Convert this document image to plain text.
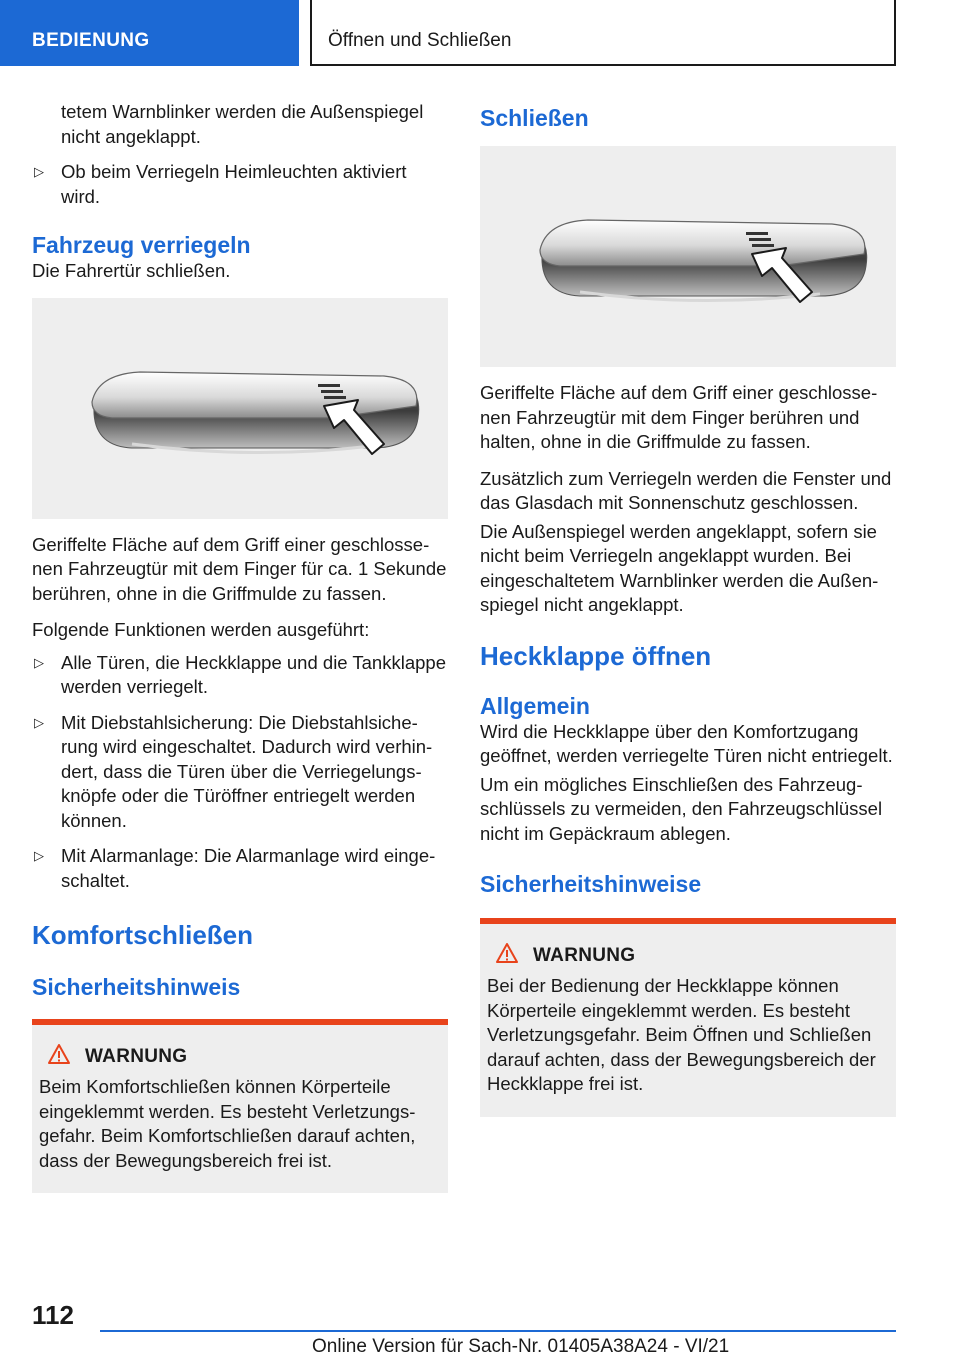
BEDIENUNG	Öffnen und Schließen
tetem Warnblinker werden die Außenspiegel nicht angeklappt.
▷ Ob beim Verriegeln Heimleuchten aktiviert wird.
Fahrzeug verriegeln

Die Fahrertür schließen.

Geriffelte Fläche auf dem Griff einer geschlossenen Fahrzeugtür mit dem Finger für ca. 1 Sekunde berühren, ohne in die Griffmulde zu fassen.

Folgende Funktionen werden ausgeführt:

▷ Alle Türen, die Heckklappe und die Tankklappe werden verriegelt.
▷ Mit Diebstahlsicherung: Die Diebstahlsicherung wird eingeschaltet. Dadurch wird verhindert, dass die Türen über die Verriegelungsknöpfe oder die Türöffner entriegelt werden können.
▷ Mit Alarmanlage: Die Alarmanlage wird eingeschaltet.
Komfortschließen
Sicherheitshinweis
WARNUNG
Beim Komfortschließen können Körperteile eingeklemmt werden. Es besteht Verletzungsgefahr. Beim Komfortschließen darauf achten, dass der Bewegungsbereich frei ist.
Schließen

Geriffelte Fläche auf dem Griff einer geschlossenen Fahrzeugtür mit dem Finger berühren und halten, ohne in die Griffmulde zu fassen.

Zusätzlich zum Verriegeln werden die Fenster und das Glasdach mit Sonnenschutz geschlossen.

Die Außenspiegel werden angeklappt, sofern sie nicht beim Verriegeln angeklappt wurden. Bei eingeschaltetem Warnblinker werden die Außenspiegel nicht angeklappt.

Heckklappe öffnen
Allgemein

Wird die Heckklappe über den Komfortzugang geöffnet, werden verriegelte Türen nicht entriegelt.

Um ein mögliches Einschließen des Fahrzeugschlüssels zu vermeiden, den Fahrzeugschlüssel nicht im Gepäckraum ablegen.

Sicherheitshinweise
WARNUNG
Bei der Bedienung der Heckklappe können Körperteile eingeklemmt werden. Es besteht Verletzungsgefahr. Beim Öffnen und Schließen darauf achten, dass der Bewegungsbereich der Heckklappe frei ist.
112
Online Version für Sach-Nr. 01405A38A24 - VI/21
